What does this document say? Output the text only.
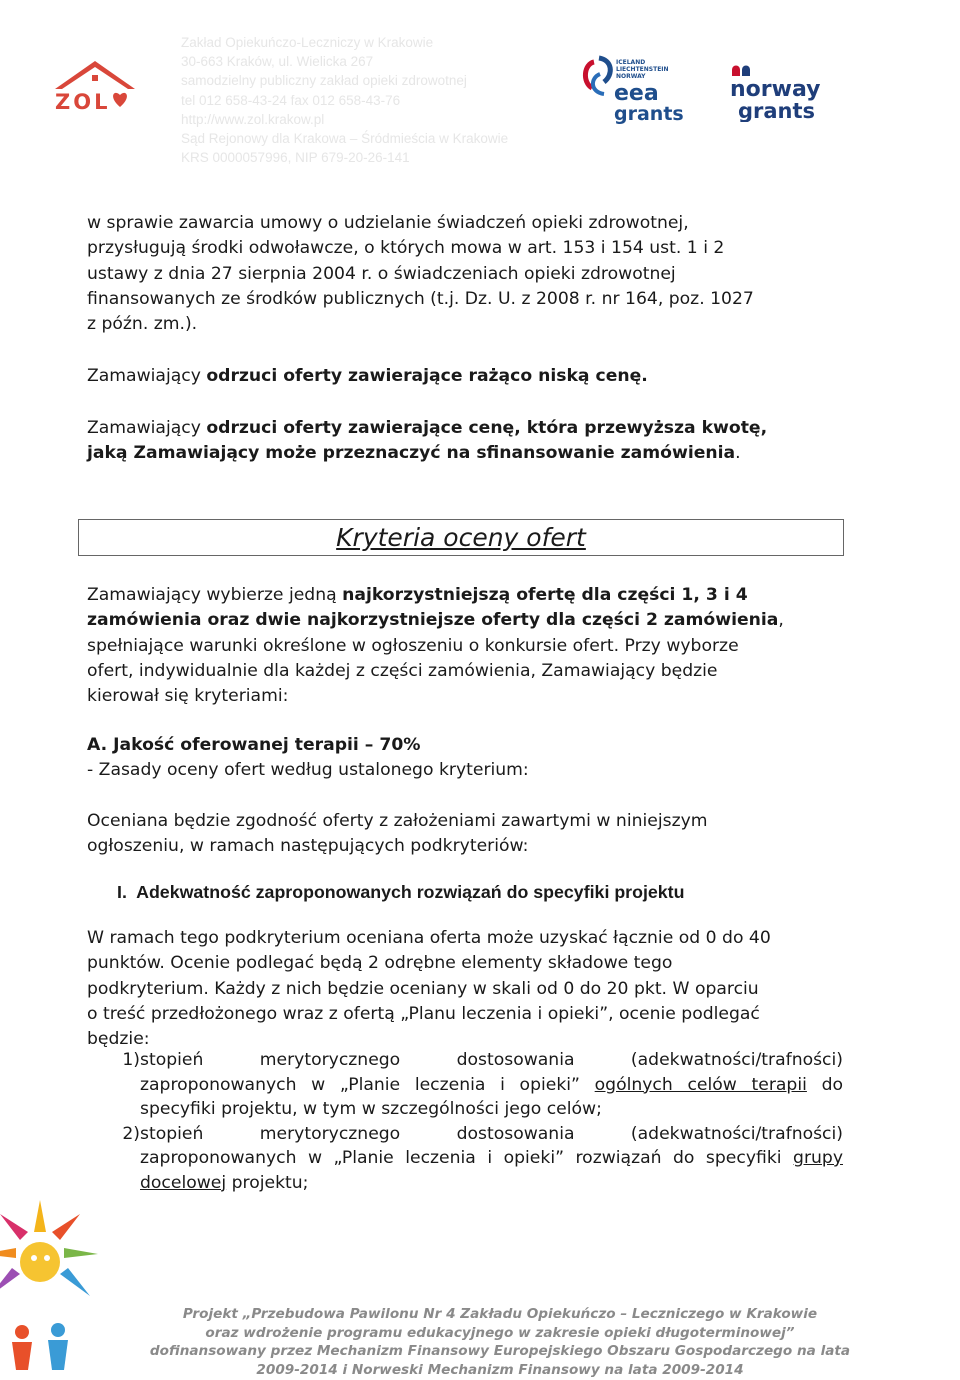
Zakład Opiekuńczo-Leczniczy w Krakowie
30-663 Kraków, ul. Wielicka 267
samodzielny publiczny zakład opieki zdrowotnej
tel 012 658-43-24 fax 012 658-43-76
http://www.zol.krakow.pl
Sąd Rejonowy dla Krakowa – Śródmieścia w Krakowie
KRS 0000057996, NIP 679-20-26-141
ZOL
ICELAND
LIECHTENSTEIN
NORWAY
eea
grants
norway
grants

w sprawie zawarcia umowy o udzielanie świadczeń opieki zdrowotnej,

przysługują środki odwoławcze, o których mowa w art. 153 i 154 ust. 1 i 2

ustawy z dnia 27 sierpnia 2004 r. o świadczeniach opieki zdrowotnej

finansowanych ze środków publicznych (t.j. Dz. U. z 2008 r. nr 164, poz. 1027

z późn. zm.).

Zamawiający odrzuci oferty zawierające rażąco niską cenę.

Zamawiający odrzuci oferty zawierające cenę, która przewyższa kwotę,

jaką Zamawiający może przeznaczyć na sfinansowanie zamówienia.

Kryteria oceny ofert

Zamawiający wybierze jedną najkorzystniejszą ofertę dla części 1, 3 i 4

zamówienia oraz dwie najkorzystniejsze oferty dla części 2 zamówienia,

spełniające warunki określone w ogłoszeniu o konkursie ofert. Przy wyborze

ofert, indywidualnie dla każdej z części zamówienia, Zamawiający będzie

kierował się kryteriami:

A. Jakość oferowanej terapii – 70%

- Zasady oceny ofert według ustalonego kryterium:

Oceniana będzie zgodność oferty z założeniami zawartymi w niniejszym

ogłoszeniu, w ramach następujących podkryteriów:

I.  Adekwatność zaproponowanych rozwiązań do specyfiki projektu

W ramach tego podkryterium oceniana oferta może uzyskać łącznie od 0 do 40

punktów. Ocenie podlegać będą 2 odrębne elementy składowe tego

podkryterium. Każdy z nich będzie oceniany w skali od 0 do 20 pkt. W oparciu

o treść przedłożonego wraz z ofertą „Planu leczenia i opieki”, ocenie podlegać

będzie:

1) stopień merytorycznego dostosowania (adekwatności/trafności)
zaproponowanych w „Planie leczenia i opieki” ogólnych celów terapii do
specyfiki projektu, w tym w szczególności jego celów;
2) stopień merytorycznego dostosowania (adekwatności/trafności)
zaproponowanych w „Planie leczenia i opieki” rozwiązań do specyfiki grupy
docelowej projektu;
Projekt „Przebudowa Pawilonu Nr 4 Zakładu Opiekuńczo – Leczniczego w Krakowie
oraz wdrożenie programu edukacyjnego w zakresie opieki długoterminowej”
dofinansowany przez Mechanizm Finansowy Europejskiego Obszaru Gospodarczego na lata
2009-2014 i Norweski Mechanizm Finansowy na lata 2009-2014
